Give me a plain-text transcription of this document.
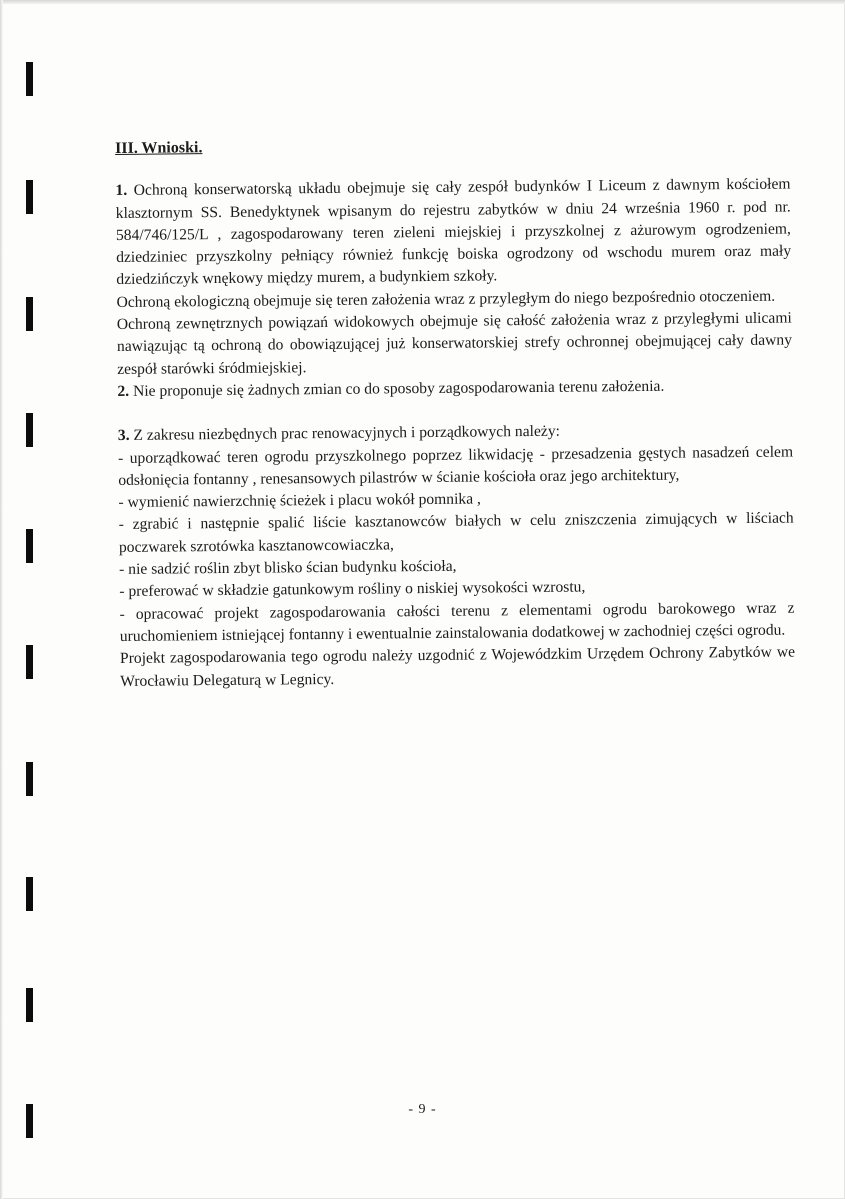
III. Wnioski.

1. Ochroną konserwatorską układu obejmuje się cały zespół budynków I Liceum z dawnym kościołem klasztornym SS. Benedyktynek wpisanym do rejestru zabytków w dniu 24 września 1960 r. pod nr. 584/746/125/L , zagospodarowany teren zieleni miejskiej i przyszkolnej z ażurowym ogrodzeniem, dziedziniec przyszkolny pełniący również funkcję boiska ogrodzony od wschodu murem oraz mały dziedzińczyk wnękowy między murem, a budynkiem szkoły.

Ochroną ekologiczną obejmuje się teren założenia wraz z przyległym do niego bezpośrednio otoczeniem.

Ochroną zewnętrznych powiązań widokowych obejmuje się całość założenia wraz z przyległymi ulicami nawiązując tą ochroną do obowiązującej już konserwatorskiej strefy ochronnej obejmującej cały dawny zespół starówki śródmiejskiej.

2. Nie proponuje się żadnych zmian co do sposoby zagospodarowania terenu założenia.

3. Z zakresu niezbędnych prac renowacyjnych i porządkowych należy:

- uporządkować teren ogrodu przyszkolnego poprzez likwidację - przesadzenia gęstych nasadzeń celem odsłonięcia fontanny , renesansowych pilastrów w ścianie kościoła oraz jego architektury,

- wymienić nawierzchnię ścieżek i placu wokół pomnika ,

- zgrabić i następnie spalić liście kasztanowców białych w celu zniszczenia zimujących w liściach poczwarek szrotówka kasztanowcowiaczka,

- nie sadzić roślin zbyt blisko ścian budynku kościoła,

- preferować w składzie gatunkowym rośliny o niskiej wysokości wzrostu,

- opracować projekt zagospodarowania całości terenu z elementami ogrodu barokowego wraz z uruchomieniem istniejącej fontanny i ewentualnie zainstalowania dodatkowej w zachodniej części ogrodu.

Projekt zagospodarowania tego ogrodu należy uzgodnić z Wojewódzkim Urzędem Ochrony Zabytków we Wrocławiu Delegaturą w Legnicy.

- 9 -
